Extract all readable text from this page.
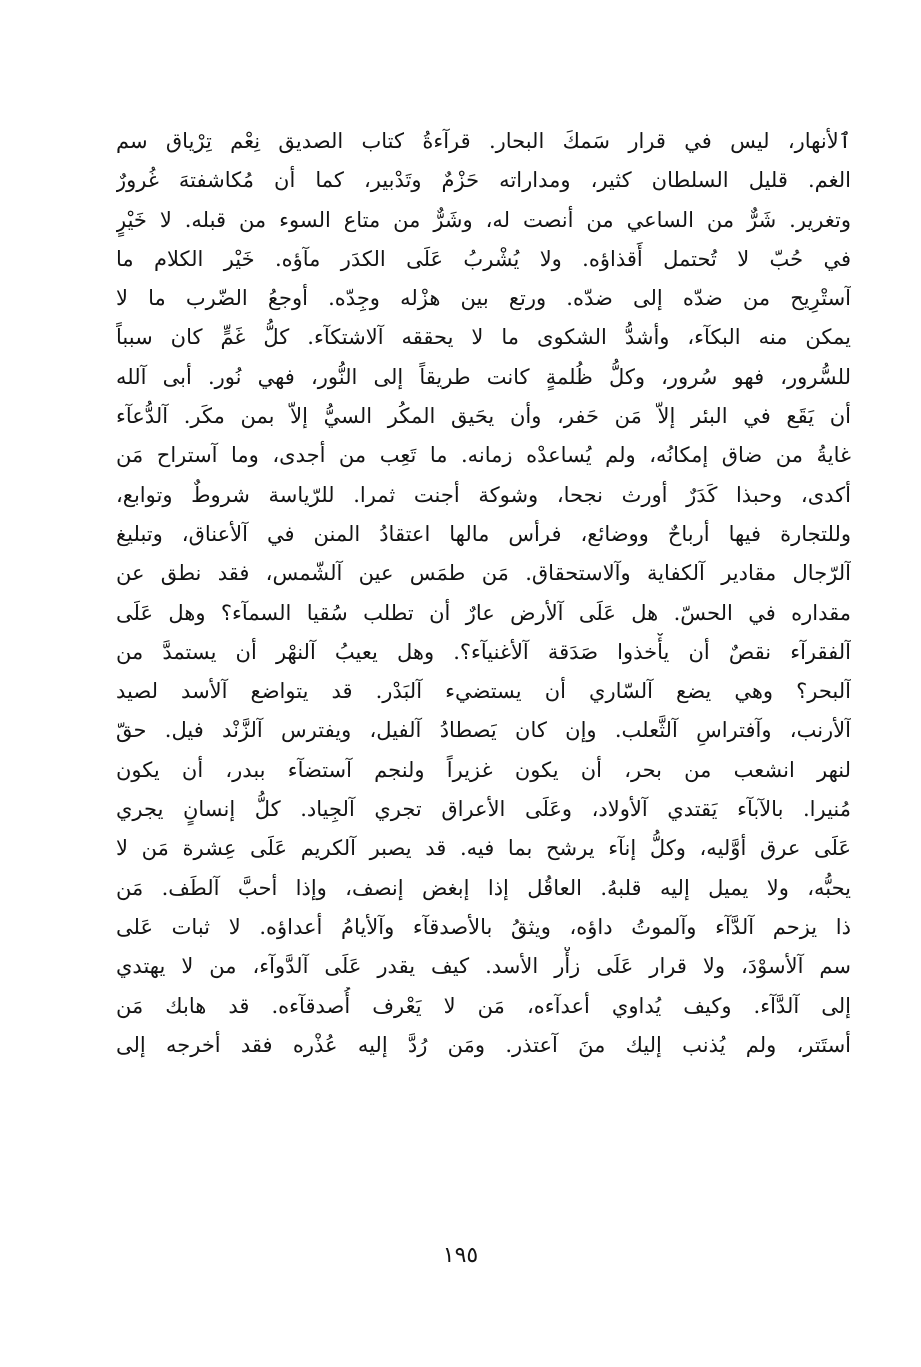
ٱلأنهار، ليس في قرار سَمكَ البحار. قرآءةُ كتاب الصديق نِعْم تِرْياق سم
الغم. قليل السلطان كثير، ومداراته حَزْمٌ وتَدْبير، كما أن مُكاشفتهَ غُرورٌ
وتغرير. شَرٌّ من الساعي من أنصت له، وشَرٌّ من متاع السوء من قبله. لا خَيْرٍ
في حُبّ لا تُحتمل أَقذاؤه. ولا يُشْربُ عَلَى الكدَر مآؤه. خَيْر الكلام ما
آستْرِيح من ضدّه إلى ضدّه. ورتع بين هزْله وجِدّه. أوجعُ الضّرب ما لا
يمكن منه البكآء، وأشدُّ الشكوى ما لا يحققه آلاشتكآء. كلُّ غَمٍّ كان سبباً
للسُّرور، فهو سُرور، وكلُّ ظُلمةٍ كانت طريقاً إلى النُّور، فهي نُور. أبى آلله
أن يَقَع في البئر إلاّ مَن حَفر، وأن يحَيق المكُر السيُّ إلاّ بمن مكَر. آلدُّعآء
غايةُ من ضاق إمكانُه، ولم يُساعدْه زمانه. ما تَعِب من أجدى، وما آستراح مَن
أكدى، وحبذا كَدَرٌ أورث نجحا، وشوكة أجنت ثمرا. للرّياسة شروطٌ وتوابع،
وللتجارة فيها أرباحٌ ووضائع، فرأس مالها اعتقادُ المنن في آلأعناق، وتبليغ
آلرّجال مقادير آلكفاية وآلاستحقاق. مَن طمَس عين آلشّمس، فقد نطق عن
مقداره في الحسّ. هل عَلَى آلأرض عارٌ أن تطلب سُقيا السمآء؟ وهل عَلَى
آلفقرآء نقصٌ أن يأْخذوا صَدَقة آلأغنيآء؟. وهل يعيبُ آلنهْر أن يستمدَّ من
آلبحر؟ وهي يضع آلسّاري أن يستضيء آلبَدْر. قد يتواضع آلأسد لصيد
آلأرنب، وآفتراسِ آلثَّعلب. وإن كان يَصطادُ آلفيل، ويفترس آلزَّنْد فيل. حقّ
لنهر انشعب من بحر، أن يكون غزيراً ولنجم آستضآء ببدر، أن يكون
مُنيرا. بالآبآء يَقتدي آلأولاد، وعَلَى الأعراق تجري آلجِياد. كلُّ إنسانٍ يجري
عَلَى عرق أوَّليه، وكلُّ إنآء يرشح بما فيه. قد يصبر آلكريم عَلَى عِشرة مَن لا
يحبُّه، ولا يميل إليه قلبهُ. العاقُل إذا إبغض إنصف، وإذا أحبَّ آلطَف. مَن
ذا يزحم آلدَّآء وآلموتُ داؤه، ويثقُ بالأصدقآء وآلأيامُ أعداؤه. لا ثبات عَلى
سم آلأسوْدَ، ولا قرار عَلَى زأْر الأسد. كيف يقدر عَلَى آلدَّوآء، من لا يهتدي
إلى آلدَّآء. وكيف يُداوي أعدآءه، مَن لا يَعْرف أُصدقآءه. قد هابك مَن
أستَتر، ولم يُذنب إليك منَ آعتذر. ومَن رُدَّ إليه عُذْره فقد أخرجه إلى
١٩٥
